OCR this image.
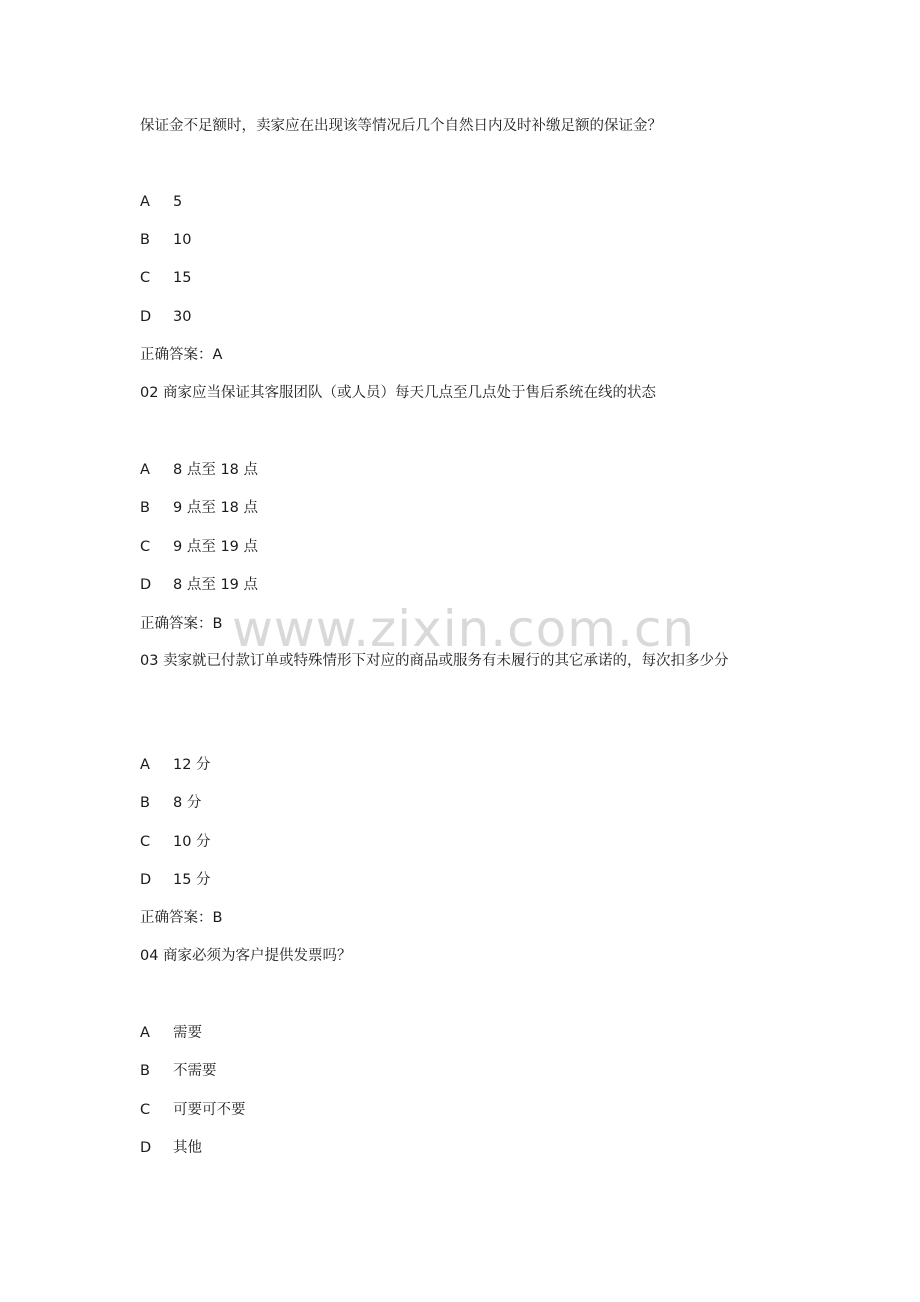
www.zixin.com.cn
保证金不足额时，卖家应在出现该等情况后几个自然日内及时补缴足额的保证金？
A 5
B 10
C 15
D 30
正确答案：A
02 商家应当保证其客服团队（或人员）每天几点至几点处于售后系统在线的状态
A 8 点至 18 点
B 9 点至 18 点
C 9 点至 19 点
D 8 点至 19 点
正确答案：B
03 卖家就已付款订单或特殊情形下对应的商品或服务有未履行的其它承诺的，每次扣多少分
A 12 分
B 8 分
C 10 分
D 15 分
正确答案：B
04 商家必须为客户提供发票吗？
A 需要
B 不需要
C 可要可不要
D 其他
